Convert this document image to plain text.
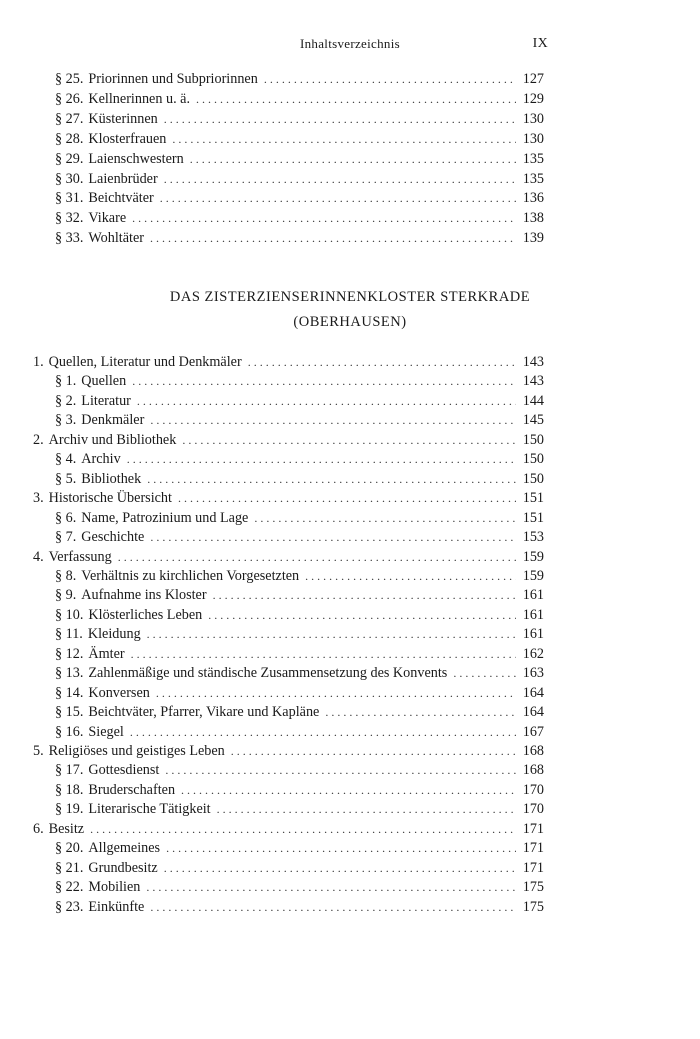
Inhaltsverzeichnis	IX
§ 25. Priorinnen und Subpriorinnen . . .	127
§ 26. Kellnerinnen u. ä. . . .	129
§ 27. Küsterinnen . . .	130
§ 28. Klosterfrauen . . .	130
§ 29. Laienschwestern . . .	135
§ 30. Laienbrüder . . .	135
§ 31. Beichtväter . . .	136
§ 32. Vikare . . .	138
§ 33. Wohltäter . . .	139
DAS ZISTERZIENSERINNENKLOSTER STERKRADE
(OBERHAUSEN)
1. Quellen, Literatur und Denkmäler . . .	143
§ 1. Quellen . . .	143
§ 2. Literatur . . .	144
§ 3. Denkmäler . . .	145
2. Archiv und Bibliothek . . .	150
§ 4. Archiv . . .	150
§ 5. Bibliothek . . .	150
3. Historische Übersicht . . .	151
§ 6. Name, Patrozinium und Lage . . .	151
§ 7. Geschichte . . .	153
4. Verfassung . . .	159
§ 8. Verhältnis zu kirchlichen Vorgesetzten . . .	159
§ 9. Aufnahme ins Kloster . . .	161
§ 10. Klösterliches Leben . . .	161
§ 11. Kleidung . . .	161
§ 12. Ämter . . .	162
§ 13. Zahlenmäßige und ständische Zusammensetzung des Konvents . . .	163
§ 14. Konversen . . .	164
§ 15. Beichtväter, Pfarrer, Vikare und Kapläne . . .	164
§ 16. Siegel . . .	167
5. Religiöses und geistiges Leben . . .	168
§ 17. Gottesdienst . . .	168
§ 18. Bruderschaften . . .	170
§ 19. Literarische Tätigkeit . . .	170
6. Besitz . . .	171
§ 20. Allgemeines . . .	171
§ 21. Grundbesitz . . .	171
§ 22. Mobilien . . .	175
§ 23. Einkünfte . . .	175
